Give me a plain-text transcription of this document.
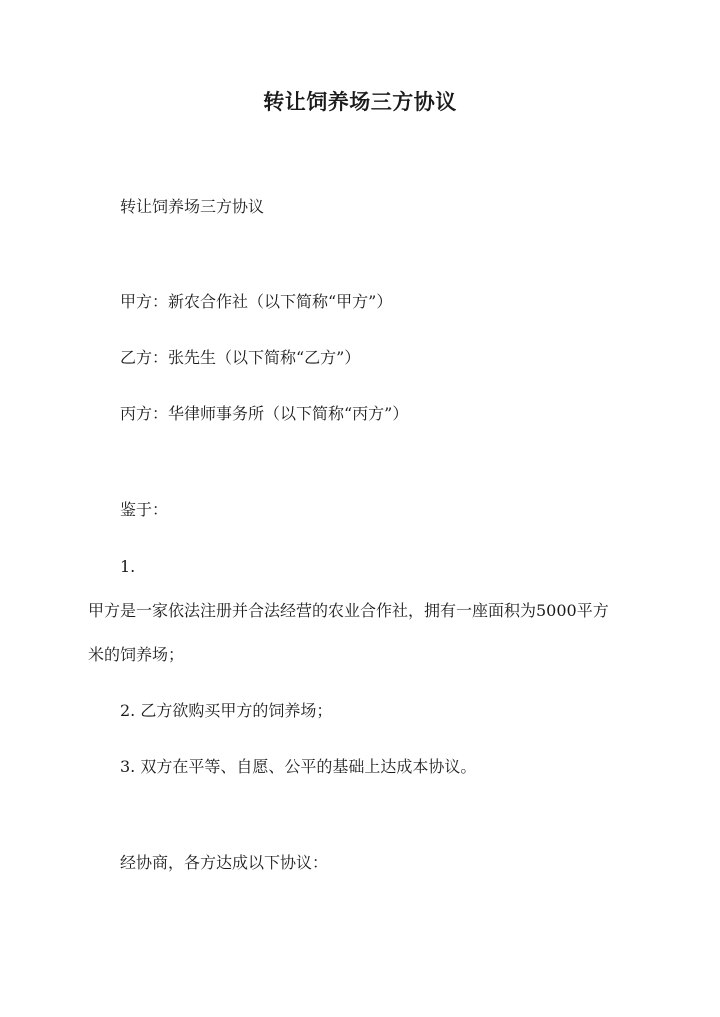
转让饲养场三方协议
转让饲养场三方协议
甲方：新农合作社（以下简称“甲方”）
乙方：张先生（以下简称“乙方”）
丙方：华律师事务所（以下简称“丙方”）
鉴于：
1.
甲方是一家依法注册并合法经营的农业合作社，拥有一座面积为5000平方
米的饲养场；
2. 乙方欲购买甲方的饲养场；
3. 双方在平等、自愿、公平的基础上达成本协议。
经协商，各方达成以下协议：
